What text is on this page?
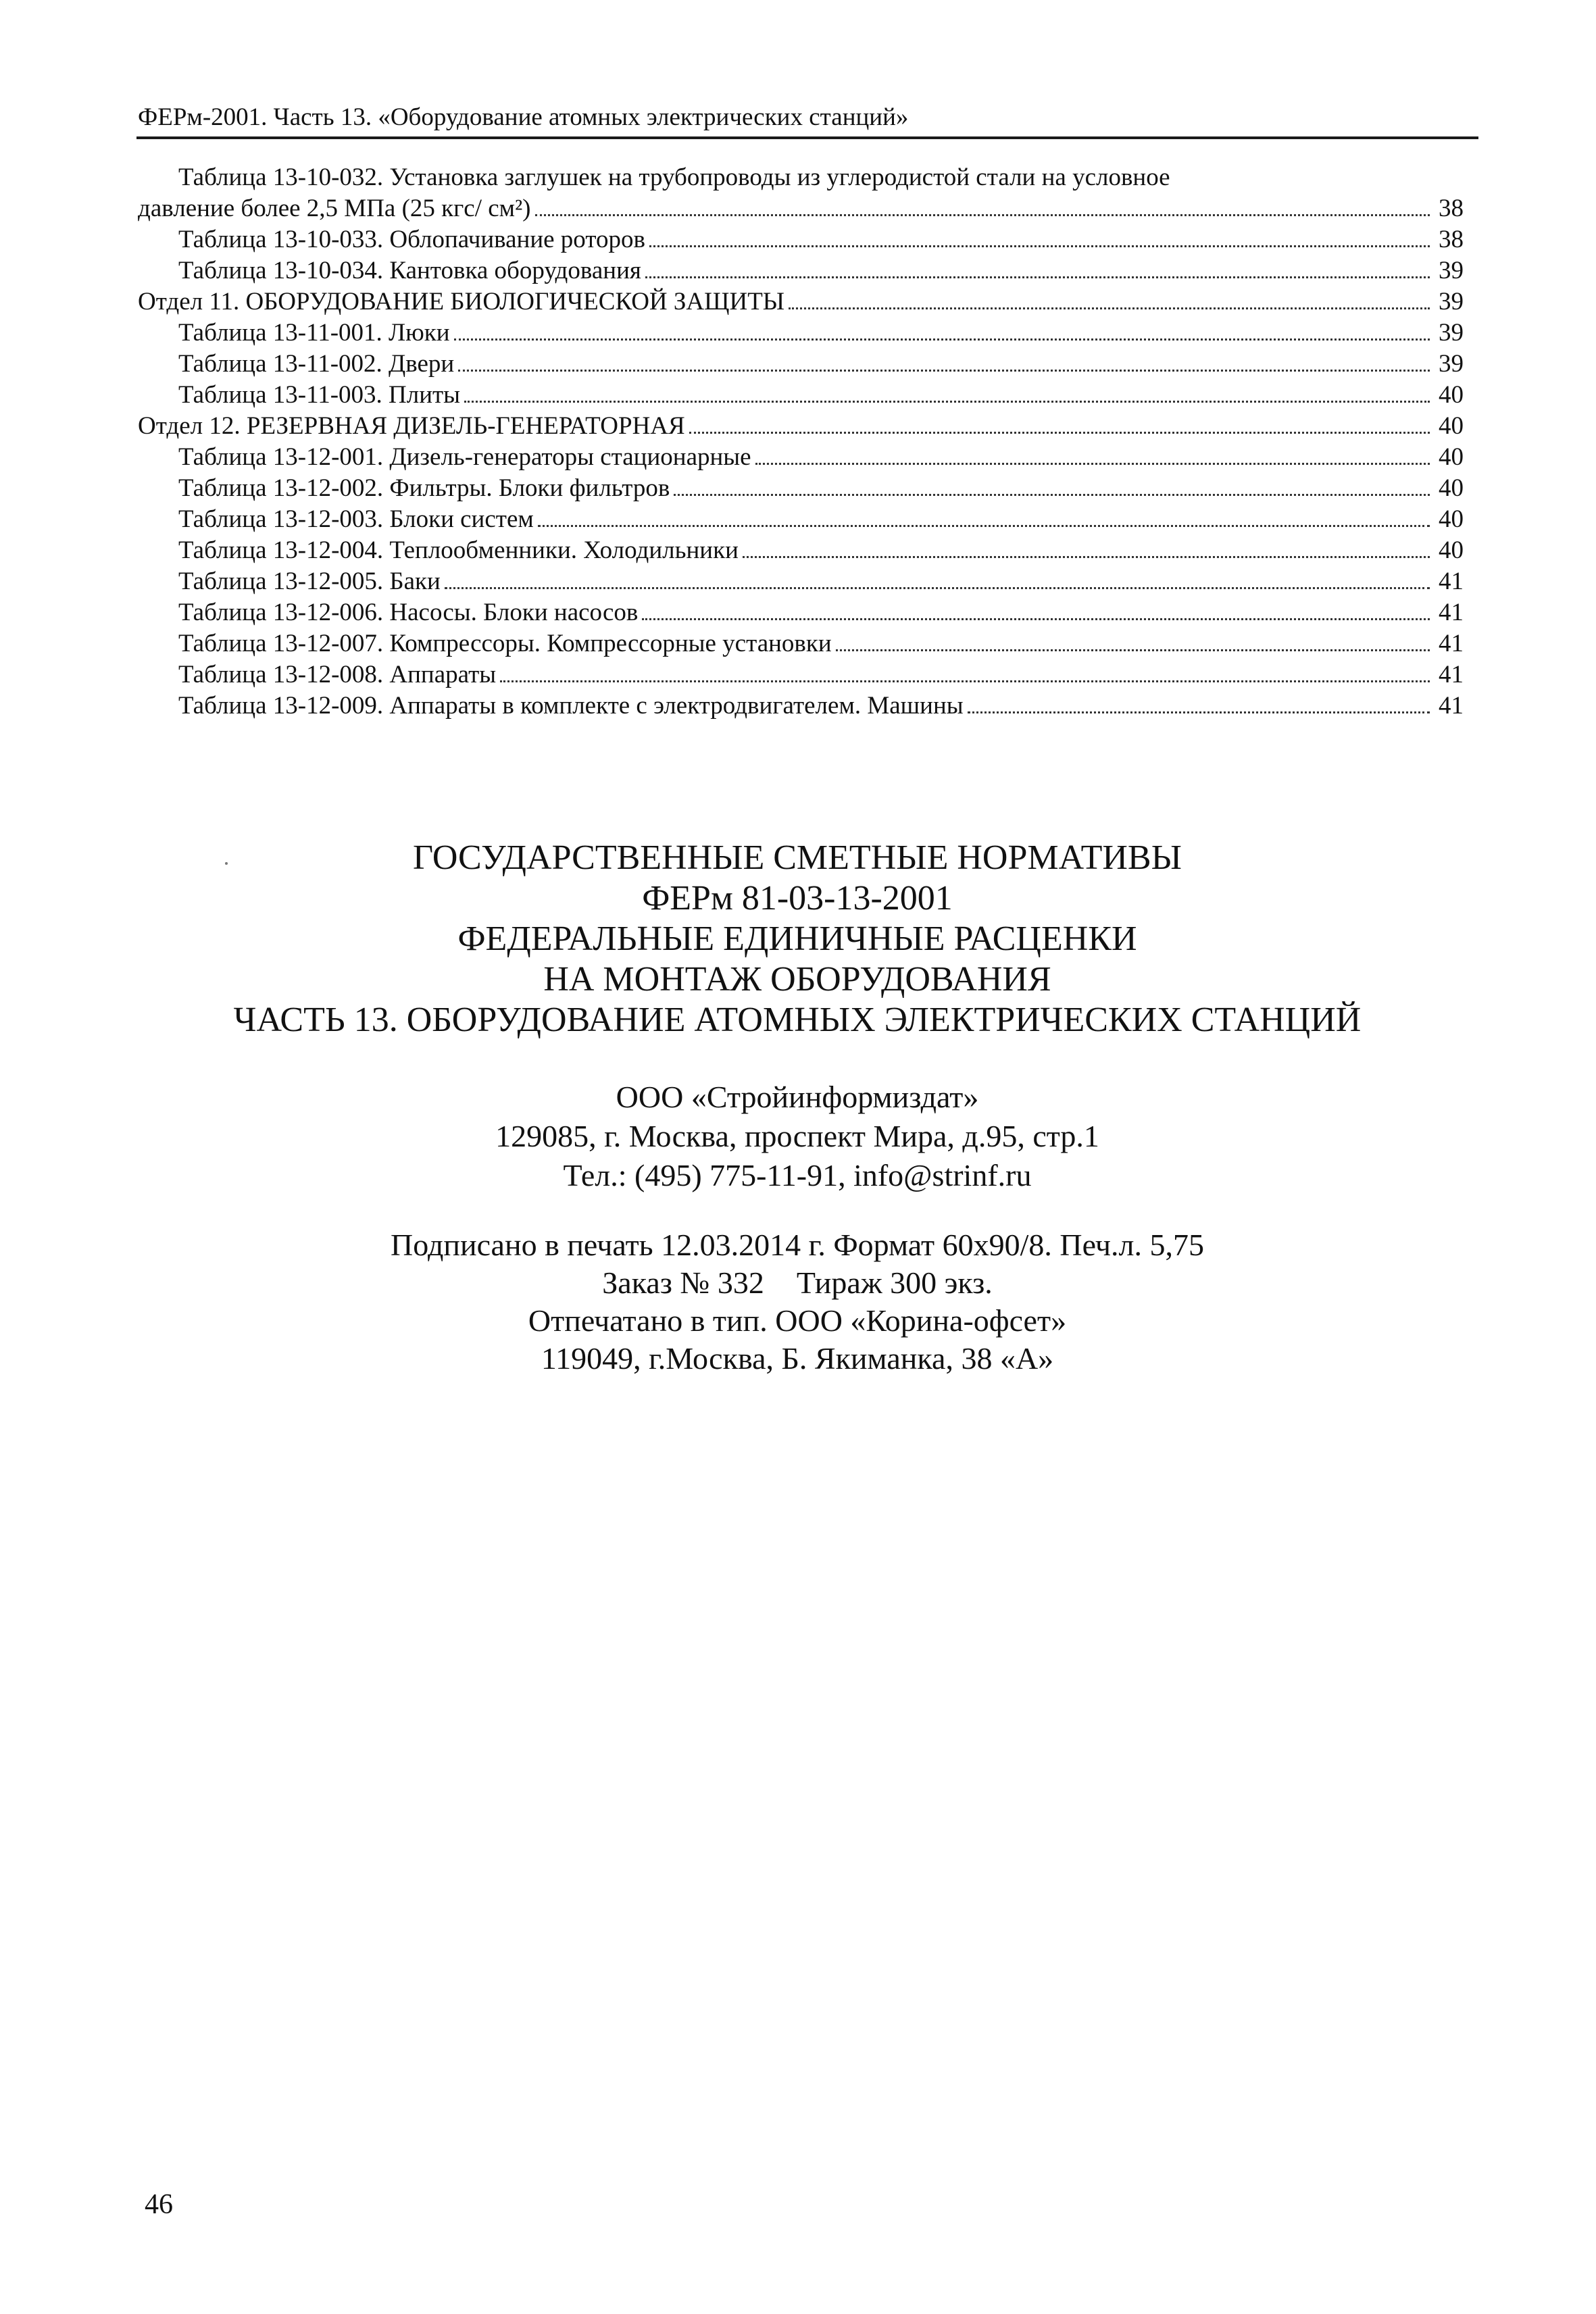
ФЕРм-2001. Часть 13. «Оборудование атомных электрических станций»
Таблица 13-10-032. Установка заглушек на трубопроводы из углеродистой стали на условное
давление более 2,5 МПа (25 кгс/ см²)	38
Таблица 13-10-033. Облопачивание роторов	38
Таблица 13-10-034. Кантовка оборудования	39
Отдел 11. ОБОРУДОВАНИЕ БИОЛОГИЧЕСКОЙ ЗАЩИТЫ	39
Таблица 13-11-001. Люки	39
Таблица 13-11-002. Двери	39
Таблица 13-11-003. Плиты	40
Отдел 12. РЕЗЕРВНАЯ ДИЗЕЛЬ-ГЕНЕРАТОРНАЯ	40
Таблица 13-12-001. Дизель-генераторы стационарные	40
Таблица 13-12-002. Фильтры. Блоки фильтров	40
Таблица 13-12-003. Блоки систем	40
Таблица 13-12-004. Теплообменники. Холодильники	40
Таблица 13-12-005. Баки	41
Таблица 13-12-006. Насосы. Блоки насосов	41
Таблица 13-12-007. Компрессоры. Компрессорные установки	41
Таблица 13-12-008. Аппараты	41
Таблица 13-12-009. Аппараты в комплекте с электродвигателем. Машины	41
ГОСУДАРСТВЕННЫЕ СМЕТНЫЕ НОРМАТИВЫ
ФЕРм 81-03-13-2001
ФЕДЕРАЛЬНЫЕ ЕДИНИЧНЫЕ РАСЦЕНКИ
НА МОНТАЖ ОБОРУДОВАНИЯ
ЧАСТЬ 13. ОБОРУДОВАНИЕ АТОМНЫХ ЭЛЕКТРИЧЕСКИХ СТАНЦИЙ
ООО «Стройинформиздат»
129085, г. Москва, проспект Мира, д.95, стр.1
Тел.: (495) 775-11-91, info@strinf.ru
Подписано в печать 12.03.2014 г. Формат 60х90/8. Печ.л. 5,75
Заказ № 332 Тираж 300 экз.
Отпечатано в тип. ООО «Корина-офсет»
119049, г.Москва, Б. Якиманка, 38 «А»
46
